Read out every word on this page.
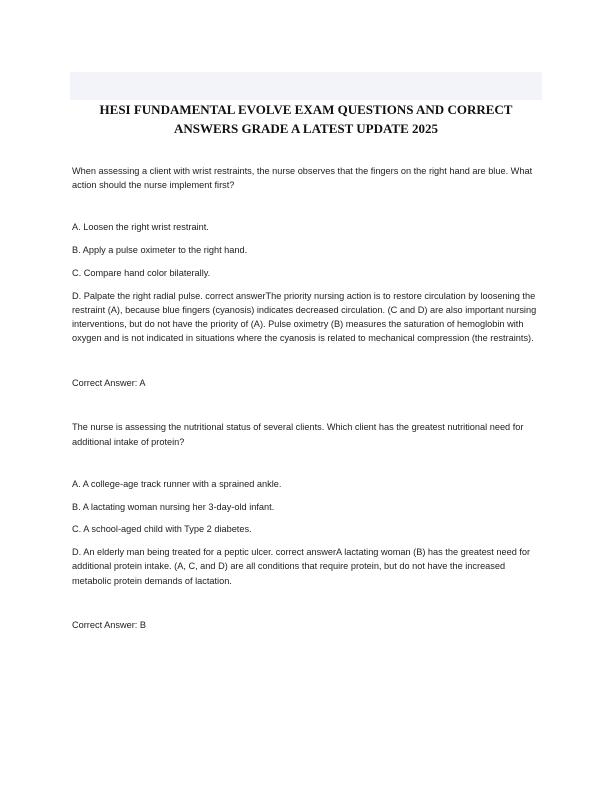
HESI FUNDAMENTAL EVOLVE EXAM QUESTIONS AND CORRECT
ANSWERS GRADE A LATEST UPDATE 2025

When assessing a client with wrist restraints, the nurse observes that the fingers on the right hand are blue. What action should the nurse implement first?

A. Loosen the right wrist restraint.

B. Apply a pulse oximeter to the right hand.

C. Compare hand color bilaterally.

D. Palpate the right radial pulse. correct answerThe priority nursing action is to restore circulation by loosening the restraint (A), because blue fingers (cyanosis) indicates decreased circulation. (C and D) are also important nursing interventions, but do not have the priority of (A). Pulse oximetry (B) measures the saturation of hemoglobin with oxygen and is not indicated in situations where the cyanosis is related to mechanical compression (the restraints).

Correct Answer: A

The nurse is assessing the nutritional status of several clients. Which client has the greatest nutritional need for additional intake of protein?

A. A college-age track runner with a sprained ankle.

B. A lactating woman nursing her 3-day-old infant.

C. A school-aged child with Type 2 diabetes.

D. An elderly man being treated for a peptic ulcer. correct answerA lactating woman (B) has the greatest need for additional protein intake. (A, C, and D) are all conditions that require protein, but do not have the increased metabolic protein demands of lactation.

Correct Answer: B
